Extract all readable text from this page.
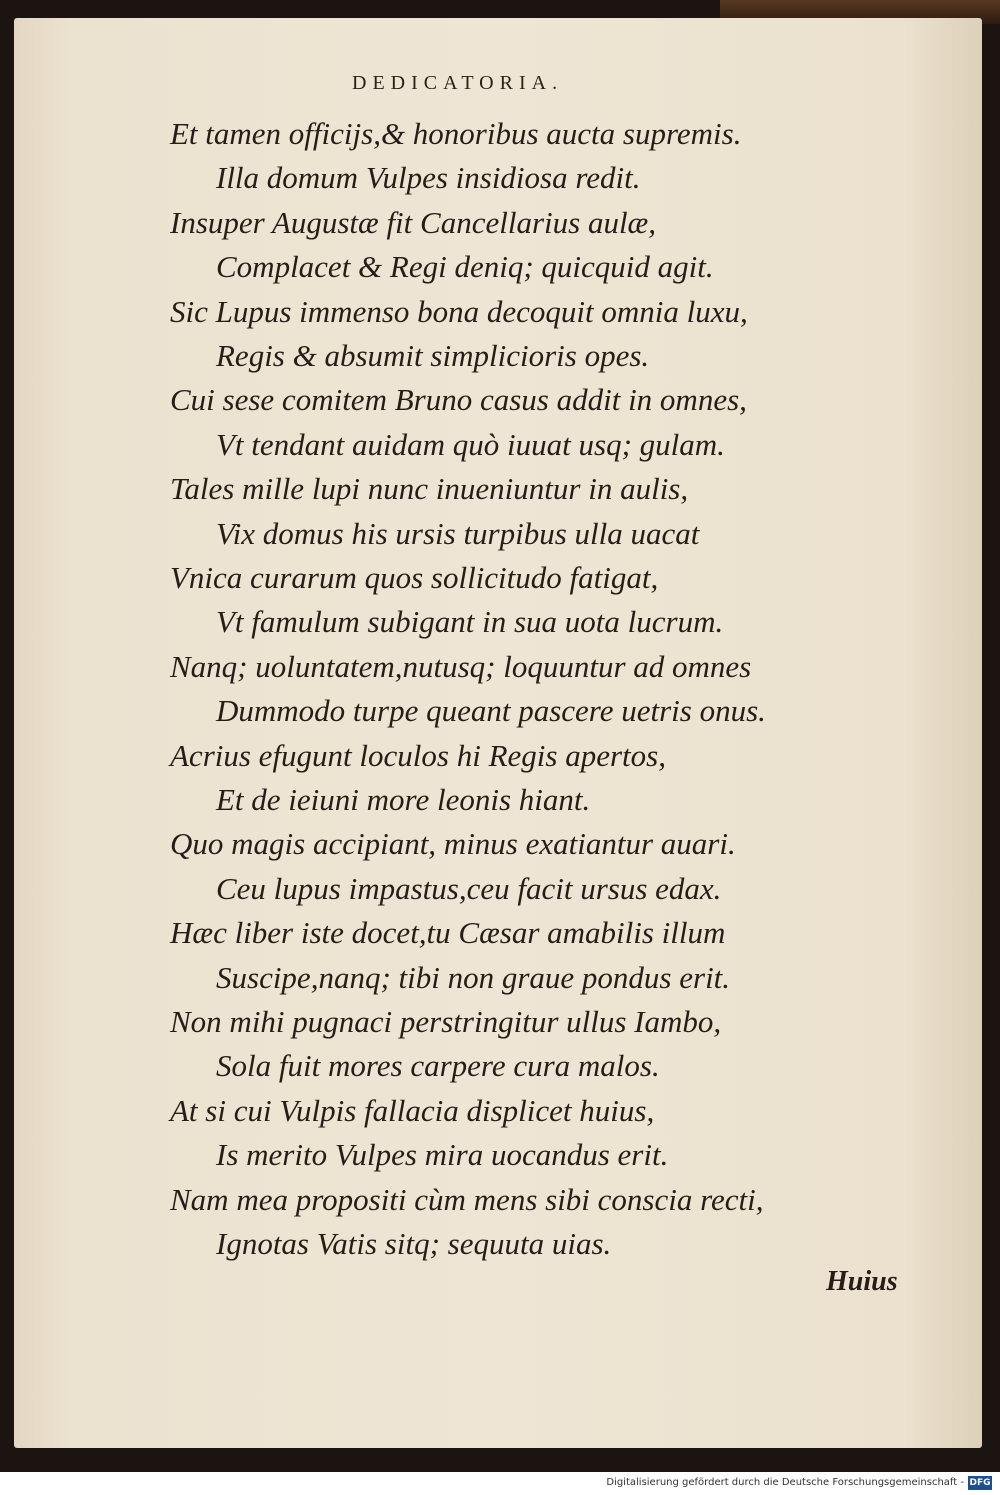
DEDICATORIA.
Et tamen officijs,& honoribus aucta supremis.
Illa domum Vulpes insidiosa redit.
Insuper Augustæ fit Cancellarius aulæ,
Complacet & Regi deniq; quicquid agit.
Sic Lupus immenso bona decoquit omnia luxu,
Regis & absumit simplicioris opes.
Cui sese comitem Bruno casus addit in omnes,
Vt tendant auidam quò iuuat usq; gulam.
Tales mille lupi nunc inueniuntur in aulis,
Vix domus his ursis turpibus ulla uacat
Vnica curarum quos sollicitudo fatigat,
Vt famulum subigant in sua uota lucrum.
Nanq; uoluntatem,nutusq; loquuntur ad omnes
Dummodo turpe queant pascere uetris onus.
Acrius efugunt loculos hi Regis apertos,
Et de ieiuni more leonis hiant.
Quo magis accipiant, minus exatiantur auari.
Ceu lupus impastus,ceu facit ursus edax.
Hæc liber iste docet,tu Cæsar amabilis illum
Suscipe,nanq; tibi non graue pondus erit.
Non mihi pugnaci perstringitur ullus Iambo,
Sola fuit mores carpere cura malos.
At si cui Vulpis fallacia displicet huius,
Is merito Vulpes mira uocandus erit.
Nam mea propositi cùm mens sibi conscia recti,
Ignotas Vatis sitq; sequuta uias.
Huius
Digitalisierung gefördert durch die Deutsche Forschungsgemeinschaft - DFG
